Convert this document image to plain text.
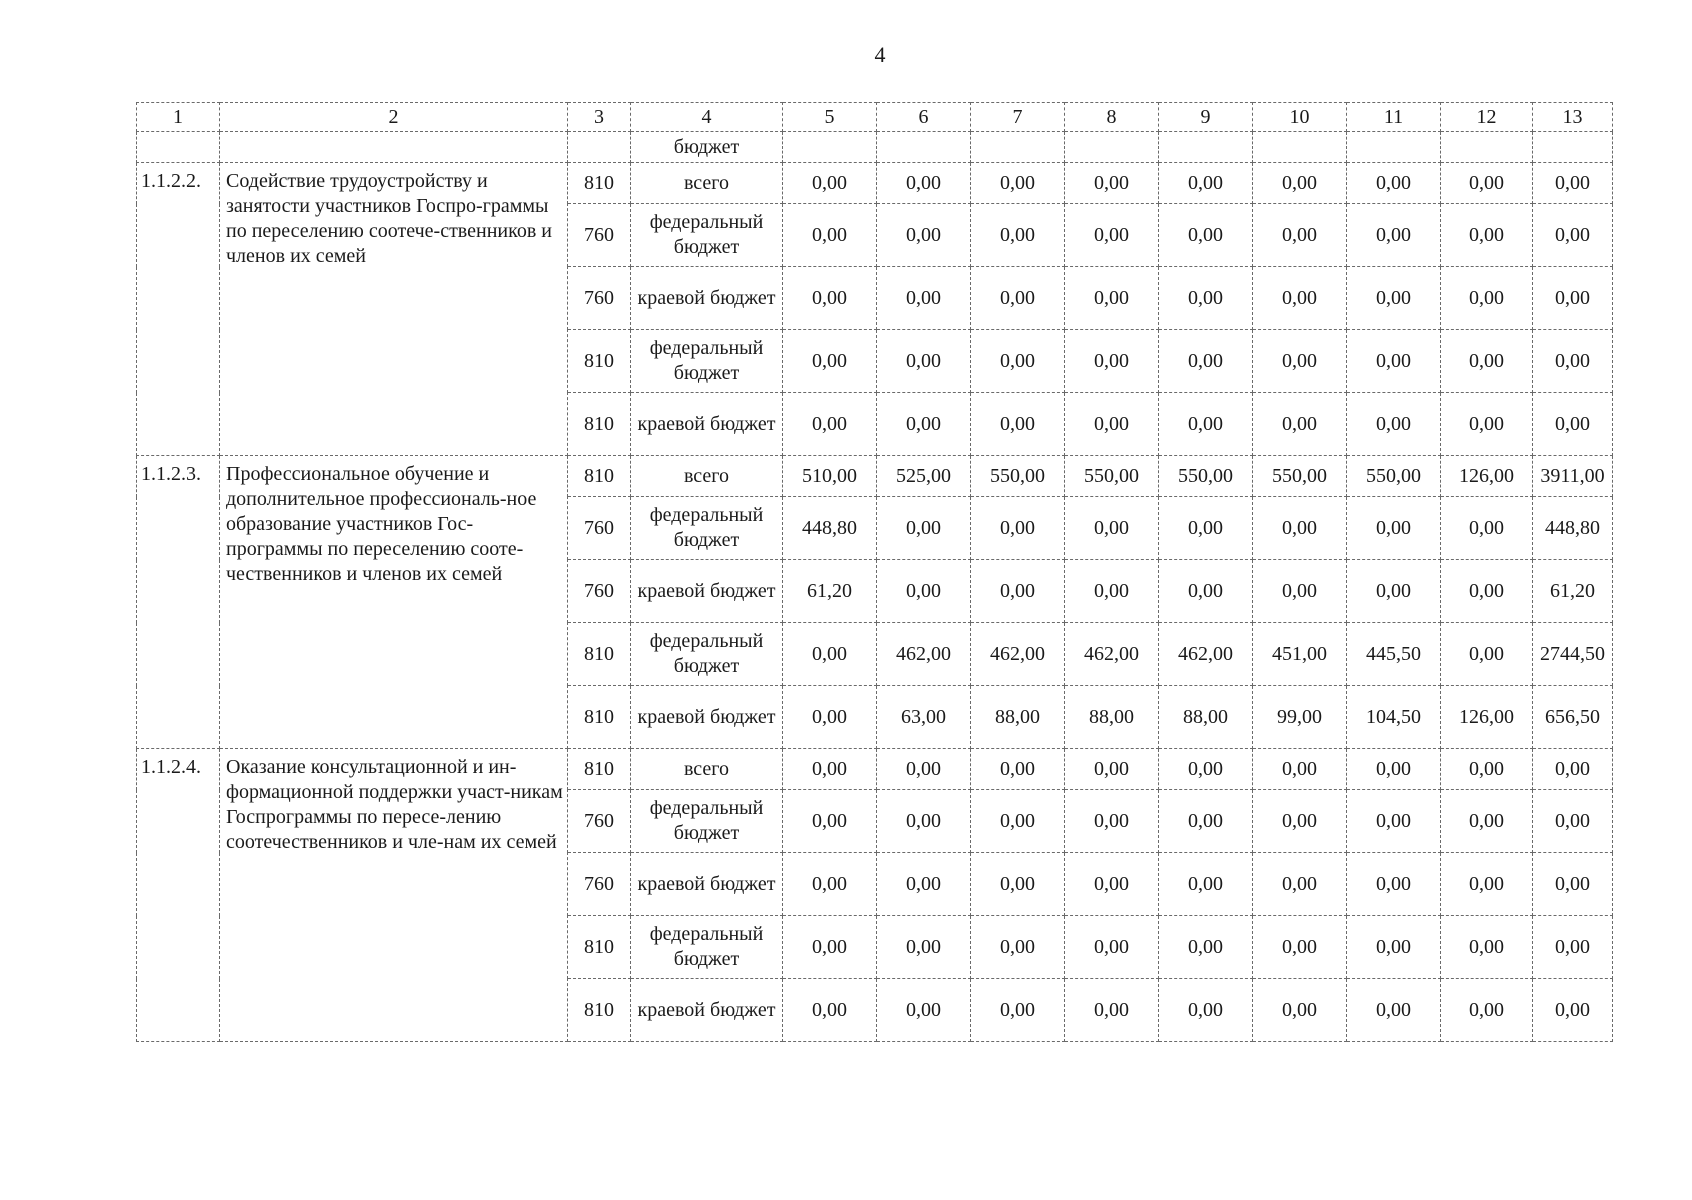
4
1	2	3	4	5	6	7	8	9	10	11	12	13
			бюджет									
1.1.2.2.	Содействие трудоустройству и занятости участников Госпро-граммы по переселению соотече-ственников и членов их семей	810	всего	0,00	0,00	0,00	0,00	0,00	0,00	0,00	0,00	0,00
		760	федеральный бюджет	0,00	0,00	0,00	0,00	0,00	0,00	0,00	0,00	0,00
		760	краевой бюджет	0,00	0,00	0,00	0,00	0,00	0,00	0,00	0,00	0,00
		810	федеральный бюджет	0,00	0,00	0,00	0,00	0,00	0,00	0,00	0,00	0,00
		810	краевой бюджет	0,00	0,00	0,00	0,00	0,00	0,00	0,00	0,00	0,00
1.1.2.3.	Профессиональное обучение и дополнительное профессиональ-ное образование участников Гос-программы по переселению соотe-чественников и членов их семей	810	всего	510,00	525,00	550,00	550,00	550,00	550,00	550,00	126,00	3911,00
		760	федеральный бюджет	448,80	0,00	0,00	0,00	0,00	0,00	0,00	0,00	448,80
		760	краевой бюджет	61,20	0,00	0,00	0,00	0,00	0,00	0,00	0,00	61,20
		810	федеральный бюджет	0,00	462,00	462,00	462,00	462,00	451,00	445,50	0,00	2744,50
		810	краевой бюджет	0,00	63,00	88,00	88,00	88,00	99,00	104,50	126,00	656,50
1.1.2.4.	Оказание консультационной и ин-формационной поддержки участ-никам Госпрограммы по пересе-лению соотечественников и чле-нам их семей	810	всего	0,00	0,00	0,00	0,00	0,00	0,00	0,00	0,00	0,00
		760	федеральный бюджет	0,00	0,00	0,00	0,00	0,00	0,00	0,00	0,00	0,00
		760	краевой бюджет	0,00	0,00	0,00	0,00	0,00	0,00	0,00	0,00	0,00
		810	федеральный бюджет	0,00	0,00	0,00	0,00	0,00	0,00	0,00	0,00	0,00
		810	краевой бюджет	0,00	0,00	0,00	0,00	0,00	0,00	0,00	0,00	0,00
